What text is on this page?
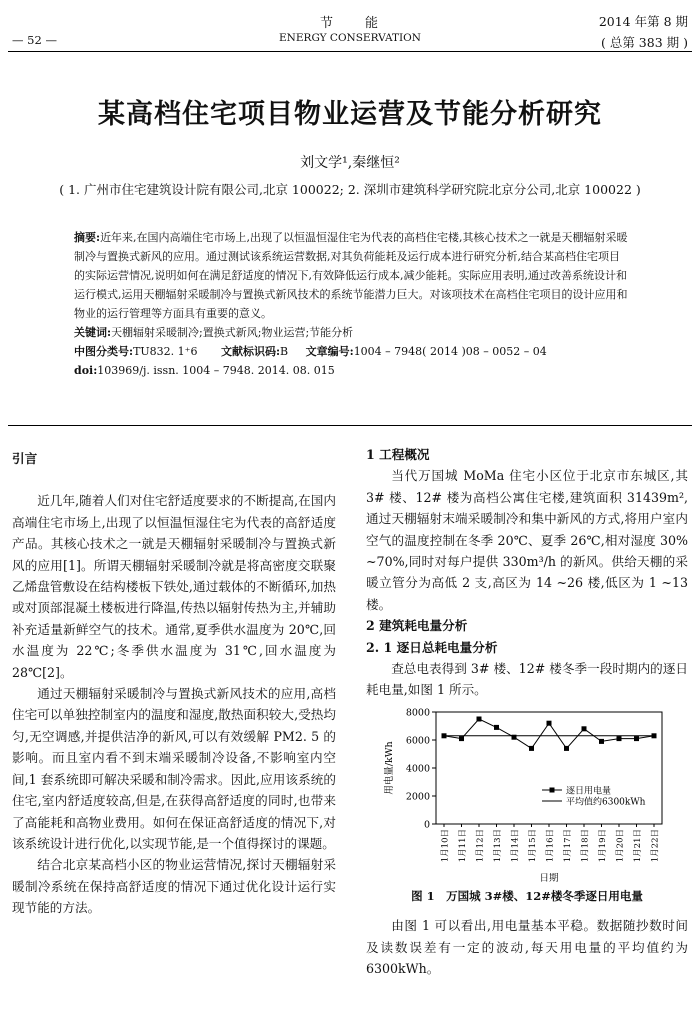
节　　能
ENERGY CONSERVATION
— 52 —
2014 年第 8 期
( 总第 383 期 )
某高档住宅项目物业运营及节能分析研究
刘文学¹,秦继恒²
( 1. 广州市住宅建筑设计院有限公司,北京 100022; 2. 深圳市建筑科学研究院北京分公司,北京 100022 )
摘要:近年来,在国内高端住宅市场上,出现了以恒温恒湿住宅为代表的高档住宅楼,其核心技术之一就是天棚辐射采暖制冷与置换式新风的应用。通过测试该系统运营数据,对其负荷能耗及运行成本进行研究分析,结合某高档住宅项目的实际运营情况,说明如何在满足舒适度的情况下,有效降低运行成本,减少能耗。实际应用表明,通过改善系统设计和运行模式,运用天棚辐射采暖制冷与置换式新风技术的系统节能潜力巨大。对该项技术在高档住宅项目的设计应用和物业的运行管理等方面具有重要的意义。
关键词:天棚辐射采暖制冷;置换式新风;物业运营;节能分析
中图分类号:TU832. 1⁺6 文献标识码:B 文章编号:1004 – 7948( 2014 )08 – 0052 – 04
doi:103969/j. issn. 1004 – 7948. 2014. 08. 015
引言

近几年,随着人们对住宅舒适度要求的不断提高,在国内高端住宅市场上,出现了以恒温恒湿住宅为代表的高舒适度产品。其核心技术之一就是天棚辐射采暖制冷与置换式新风的应用[1]。所谓天棚辐射采暖制冷就是将高密度交联聚乙烯盘管敷设在结构楼板下铁处,通过载体的不断循环,加热或对顶部混凝土楼板进行降温,传热以辐射传热为主,并辅助补充适量新鲜空气的技术。通常,夏季供水温度为 20℃,回水温度为 22℃;冬季供水温度为 31℃,回水温度为 28℃[2]。

通过天棚辐射采暖制冷与置换式新风技术的应用,高档住宅可以单独控制室内的温度和湿度,散热面积较大,受热均匀,无空调感,并提供洁净的新风,可以有效缓解 PM2. 5 的影响。而且室内看不到末端采暖制冷设备,不影响室内空间,1 套系统即可解决采暖和制冷需求。因此,应用该系统的住宅,室内舒适度较高,但是,在获得高舒适度的同时,也带来了高能耗和高物业费用。如何在保证高舒适度的情况下,对该系统设计进行优化,以实现节能,是一个值得探讨的课题。

结合北京某高档小区的物业运营情况,探讨天棚辐射采暖制冷系统在保持高舒适度的情况下通过优化设计运行实现节能的方法。

1 工程概况

当代万国城 MoMa 住宅小区位于北京市东城区,其 3# 楼、12# 楼为高档公寓住宅楼,建筑面积 31439m²,通过天棚辐射末端采暖制冷和集中新风的方式,将用户室内空气的温度控制在冬季 20℃、夏季 26℃,相对湿度 30% ~70%,同时对每户提供 330m³/h 的新风。供给天棚的采暖立管分为高低 2 支,高区为 14 ~26 楼,低区为 1 ~13 楼。

2 建筑耗电量分析
2. 1 逐日总耗电量分析

查总电表得到 3# 楼、12# 楼冬季一段时期内的逐日耗电量,如图 1 所示。

0
2000
4000
6000
8000
1月10日 1月11日 1月12日 1月13日 1月14日 1月15日 1月16日 1月17日 1月18日 1月19日 1月20日 1月21日 1月22日
日期
用电量/kWh	逐日用电量
平均值约6300kWh
图 1　万国城 3#楼、12#楼冬季逐日用电量

由图 1 可以看出,用电量基本平稳。数据随抄数时间及读数误差有一定的波动,每天用电量的平均值约为 6300kWh。
